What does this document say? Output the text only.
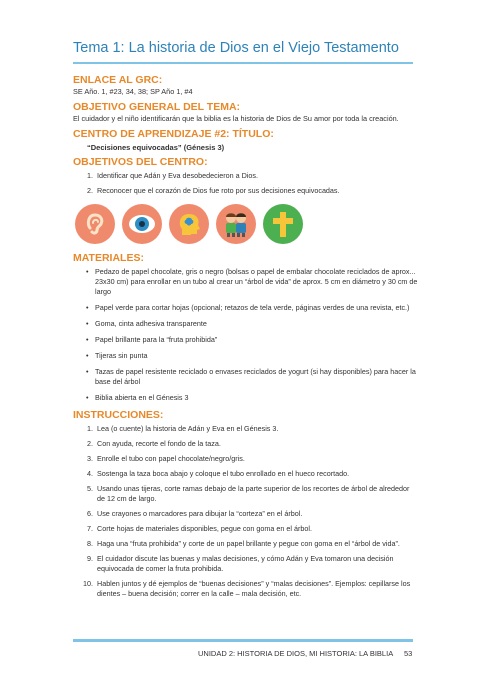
Tema 1: La historia de Dios en el Viejo Testamento
ENLACE AL GRC:
SE Año. 1, #23, 34, 38; SP Año 1, #4
OBJETIVO GENERAL DEL TEMA:
El cuidador y el niño identificarán que la biblia es la historia de Dios de Su amor por toda la creación.
CENTRO DE APRENDIZAJE #2: TÍTULO:
“Decisiones equivocadas” (Génesis 3)
OBJETIVOS DEL CENTRO:
1. Identificar que Adán y Eva desobedecieron a Dios.
2. Reconocer que el corazón de Dios fue roto por sus decisiones equivocadas.
MATERIALES:
• Pedazo de papel chocolate, gris o negro (bolsas o papel de embalar chocolate reciclados de aprox... 23x30 cm) para enrollar en un tubo al crear un “árbol de vida” de aprox. 5 cm en diámetro y 30 cm de largo
• Papel verde para cortar hojas (opcional; retazos de tela verde, páginas verdes de una revista, etc.)
• Goma, cinta adhesiva transparente
• Papel brillante para la “fruta prohibida”
• Tijeras sin punta
• Tazas de papel resistente reciclado o envases reciclados de yogurt (si hay disponibles) para hacer la base del árbol
• Biblia abierta en el Génesis 3
INSTRUCCIONES:
1. Lea (o cuente) la historia de Adán y Eva en el Génesis 3.
2. Con ayuda, recorte el fondo de la taza.
3. Enrolle el tubo con papel chocolate/negro/gris.
4. Sostenga la taza boca abajo y coloque el tubo enrollado en el hueco recortado.
5. Usando unas tijeras, corte ramas debajo de la parte superior de los recortes de árbol de alrededor de 12 cm de largo.
6. Use crayones o marcadores para dibujar la “corteza” en el árbol.
7. Corte hojas de materiales disponibles, pegue con goma en el árbol.
8. Haga una “fruta prohibida” y corte de un papel brillante y pegue con goma en el “árbol de vida”.
9. El cuidador discute las buenas y malas decisiones, y cómo Adán y Eva tomaron una decisión equivocada de comer la fruta prohibida.
10. Hablen juntos y dé ejemplos de “buenas decisiones” y “malas decisiones”. Ejemplos: cepillarse los dientes – buena decisión; correr en la calle – mala decisión, etc.
UNIDAD 2: HISTORIA DE DIOS, MI HISTORIA: LA BIBLIA 53
